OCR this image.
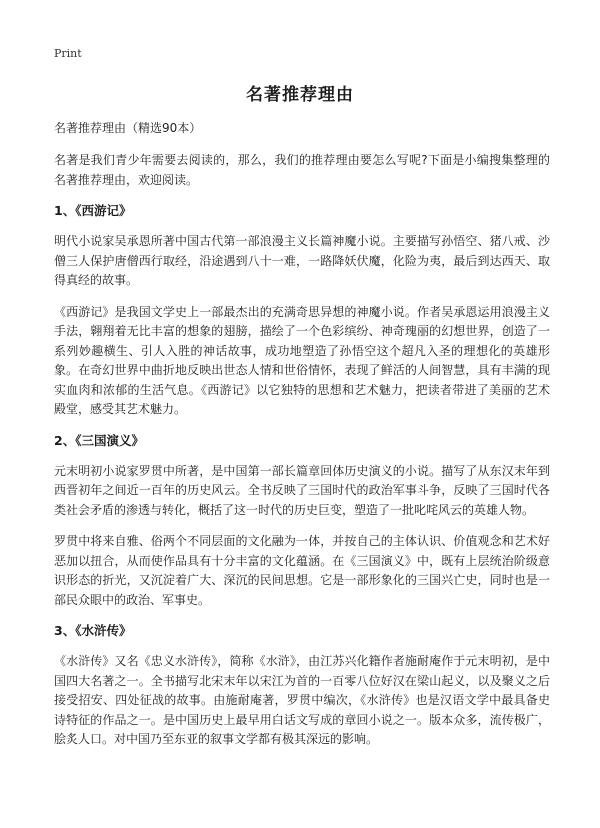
Print
名著推荐理由

名著推荐理由（精选90本）

名著是我们青少年需要去阅读的，那么，我们的推荐理由要怎么写呢?下面是小编搜集整理的名著推荐理由，欢迎阅读。

1、《西游记》

明代小说家吴承恩所著中国古代第一部浪漫主义长篇神魔小说。主要描写孙悟空、猪八戒、沙僧三人保护唐僧西行取经，沿途遇到八十一难，一路降妖伏魔，化险为夷，最后到达西天、取得真经的故事。

《西游记》是我国文学史上一部最杰出的充满奇思异想的神魔小说。作者吴承恩运用浪漫主义手法，翱翔着无比丰富的想象的翅膀，描绘了一个色彩缤纷、神奇瑰丽的幻想世界，创造了一系列妙趣横生、引人入胜的神话故事，成功地塑造了孙悟空这个超凡入圣的理想化的英雄形象。在奇幻世界中曲折地反映出世态人情和世俗情怀，表现了鲜活的人间智慧，具有丰满的现实血肉和浓郁的生活气息。《西游记》以它独特的思想和艺术魅力，把读者带进了美丽的艺术殿堂，感受其艺术魅力。

2、《三国演义》

元末明初小说家罗贯中所著，是中国第一部长篇章回体历史演义的小说。描写了从东汉末年到西晋初年之间近一百年的历史风云。全书反映了三国时代的政治军事斗争，反映了三国时代各类社会矛盾的渗透与转化，概括了这一时代的历史巨变，塑造了一批叱咤风云的英雄人物。

罗贯中将来自雅、俗两个不同层面的文化融为一体，并按自己的主体认识、价值观念和艺术好恶加以扭合，从而使作品具有十分丰富的文化蕴涵。在《三国演义》中，既有上层统治阶级意识形态的折光，又沉淀着广大、深沉的民间思想。它是一部形象化的三国兴亡史，同时也是一部民众眼中的政治、军事史。

3、《水浒传》

《水浒传》又名《忠义水浒传》，简称《水浒》，由江苏兴化籍作者施耐庵作于元末明初，是中国四大名著之一。全书描写北宋末年以宋江为首的一百零八位好汉在梁山起义，以及聚义之后接受招安、四处征战的故事。由施耐庵著，罗贯中编次，《水浒传》也是汉语文学中最具备史诗特征的作品之一。是中国历史上最早用白话文写成的章回小说之一。版本众多，流传极广，脍炙人口。对中国乃至东亚的叙事文学都有极其深远的影响。
